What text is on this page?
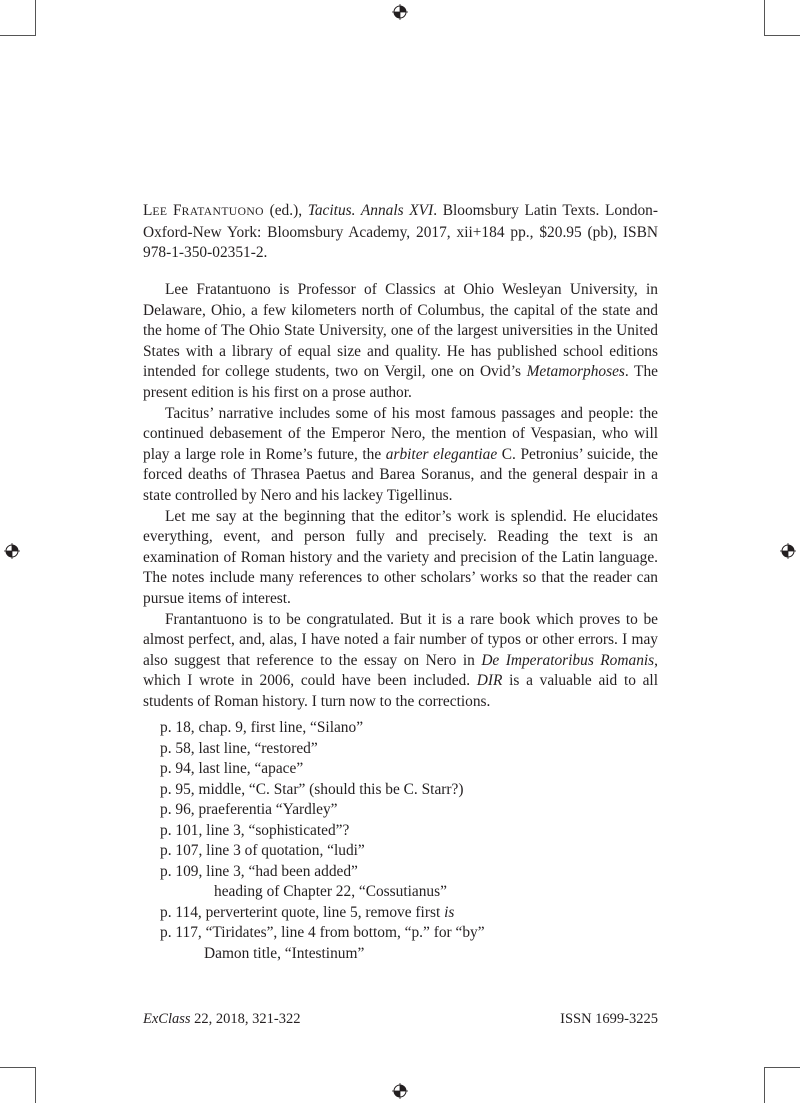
LEE FRATANTUONO (ed.), Tacitus. Annals XVI. Bloomsbury Latin Texts. London-Oxford-New York: Bloomsbury Academy, 2017, xii+184 pp., $20.95 (pb), ISBN 978-1-350-02351-2.

Lee Fratantuono is Professor of Classics at Ohio Wesleyan University, in Delaware, Ohio, a few kilometers north of Columbus, the capital of the state and the home of The Ohio State University, one of the largest universities in the United States with a library of equal size and quality. He has published school editions intended for college students, two on Vergil, one on Ovid’s Metamorphoses. The present edition is his first on a prose author.

Tacitus’ narrative includes some of his most famous passages and people: the continued debasement of the Emperor Nero, the mention of Vespasian, who will play a large role in Rome’s future, the arbiter elegantiae C. Petronius’ suicide, the forced deaths of Thrasea Paetus and Barea Soranus, and the general despair in a state controlled by Nero and his lackey Tigellinus.

Let me say at the beginning that the editor’s work is splendid. He elucidates everything, event, and person fully and precisely. Reading the text is an examination of Roman history and the variety and precision of the Latin language. The notes include many references to other scholars’ works so that the reader can pursue items of interest.

Frantantuono is to be congratulated. But it is a rare book which proves to be almost perfect, and, alas, I have noted a fair number of typos or other errors. I may also suggest that reference to the essay on Nero in De Imperatoribus Romanis, which I wrote in 2006, could have been included. DIR is a valuable aid to all students of Roman history. I turn now to the corrections.

p. 18, chap. 9, first line, “Silano”
p. 58, last line, “restored”
p. 94, last line, “apace”
p. 95, middle, “C. Star” (should this be C. Starr?)
p. 96, praeferentia “Yardley”
p. 101, line 3, “sophisticated”?
p. 107, line 3 of quotation, “ludi”
p. 109, line 3, “had been added”
heading of Chapter 22, “Cossutianus”
p. 114, perverterint quote, line 5, remove first is
p. 117, “Tiridates”, line 4 from bottom, “p.” for “by”
Damon title, “Intestinum”
ExClass 22, 2018, 321-322	ISSN 1699-3225
